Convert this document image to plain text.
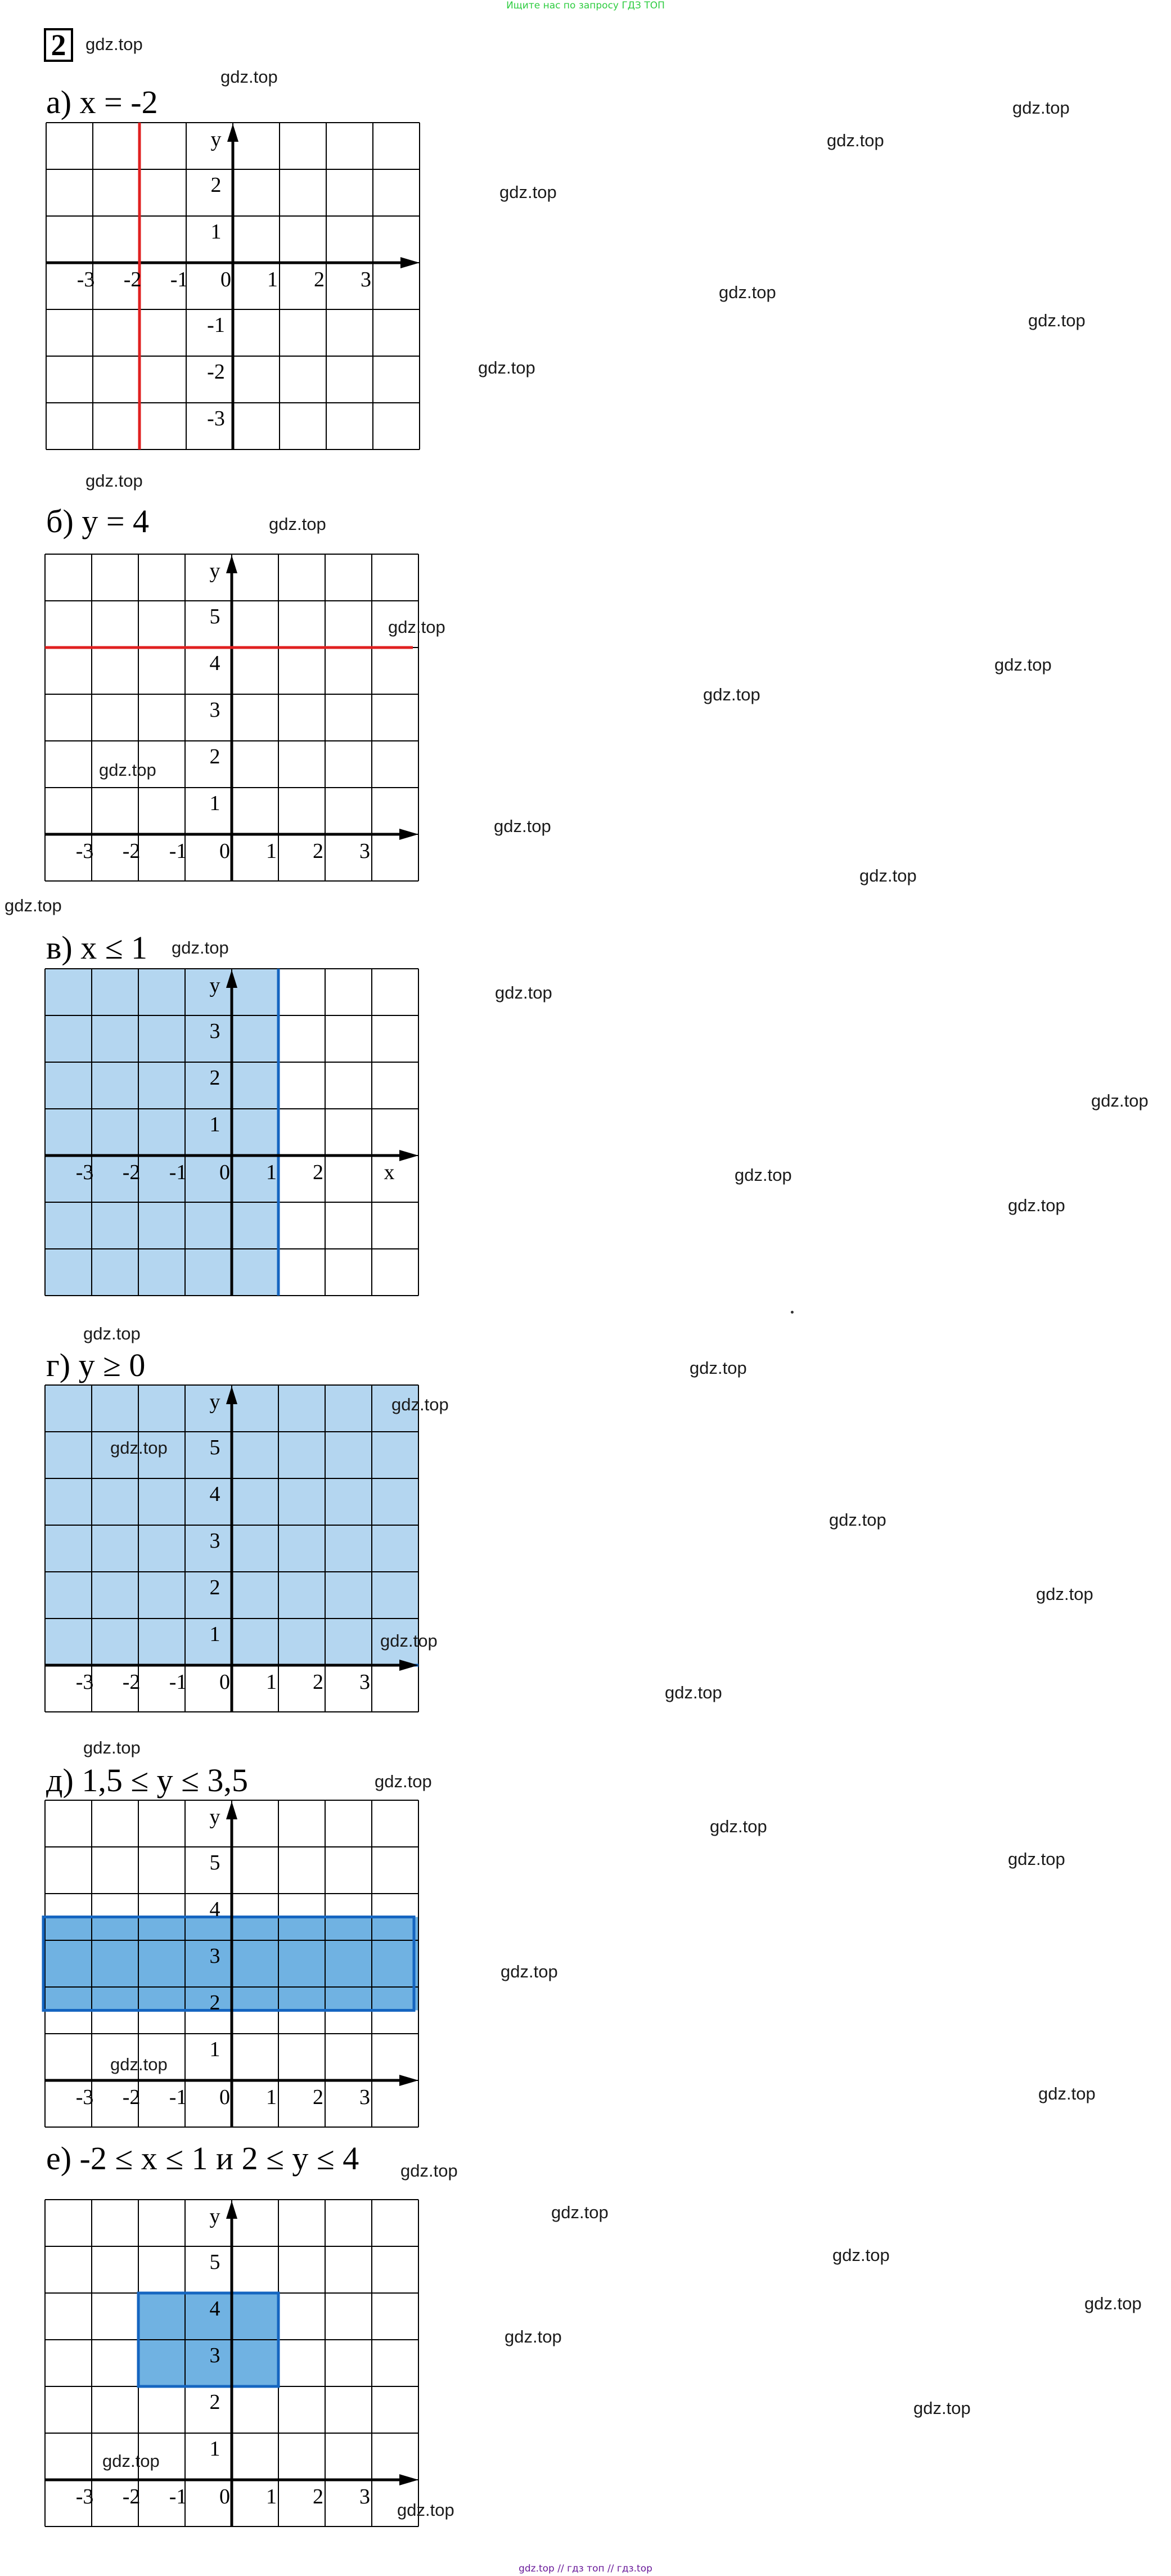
Ищите нас по запросу ГДЗ ТОП
2
а) x = -2
б) y = 4
в) x ≤ 1
г) y ≥ 0
д) 1,5 ≤ y ≤ 3,5
е) -2 ≤ x ≤ 1 и 2 ≤ y ≤ 4
-3 -2 -1 0 1 2 3
2
1
-1
-2
-3
y
-3 -2 -1 0 1 2 3
5
4
3
2
1
y
-3 -2 -1 0 1 2
3
2
1
y
x
-3 -2 -1 0 1 2 3
5
4
3
2
1
y
-3 -2 -1 0 1 2 3
5
4
3
2
1
y
-3 -2 -1 0 1 2 3
5
4
3
2
1
y
gdz.top
gdz.top
gdz.top
gdz.top
gdz.top
gdz.top
gdz.top
gdz.top
gdz.top
gdz.top
gdz.top
gdz.top
gdz.top
gdz.top
gdz.top
gdz.top
gdz.top
gdz.top
gdz.top
gdz.top
gdz.top
gdz.top
gdz.top
gdz.top
gdz.top
gdz.top
gdz.top
gdz.top
gdz.top
gdz.top
gdz.top
gdz.top
gdz.top
gdz.top
gdz.top
gdz.top
gdz.top
gdz.top
gdz.top
gdz.top
gdz.top
gdz.top
gdz.top
gdz.top
gdz.top
gdz.top // гдз топ // гдз.top
